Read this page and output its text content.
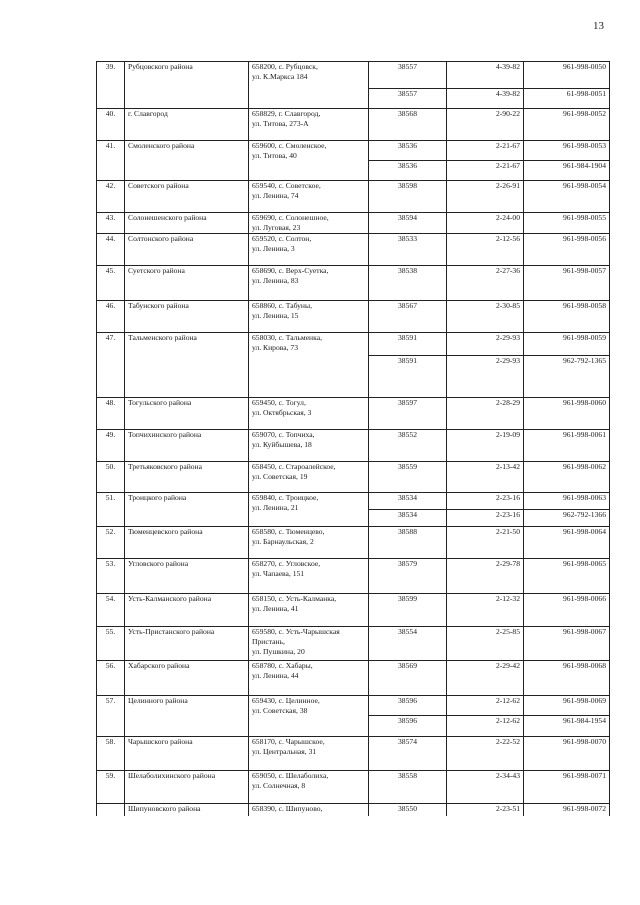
13
39.	Рубцовского района	658200, с. Рубцовск,
ул. К.Маркса 184	38557	4-39-82	961-998-0050
			38557	4-39-82	61-998-0051
40.	г. Славгород	658829, г. Славгород,
ул. Титова, 273-А	38568	2-90-22	961-998-0052
41.	Смоленского района	659600, с. Смоленское,
ул. Титова, 40	38536	2-21-67	961-998-0053
			38536	2-21-67	961-984-1904
42.	Советского района	659540, с. Советское,
ул. Ленина, 74	38598	2-26-91	961-998-0054
43.	Солонешенского района	659690, с. Солонешное,
ул. Луговая, 23	38594	2-24-00	961-998-0055
44.	Солтонского района	659520, с. Солтон,
ул. Ленина, 3	38533	2-12-56	961-998-0056
45.	Суетского района	658690, с. Верх-Суетка,
ул. Ленина, 83	38538	2-27-36	961-998-0057
46.	Табунского района	658860, с. Табуны,
ул. Ленина, 15	38567	2-30-85	961-998-0058
47.	Тальменского района	658030, с. Тальменка,
ул. Кирова, 73	38591	2-29-93	961-998-0059
			38591	2-29-93	962-792-1365
48.	Тогульского района	659450, с. Тогул,
ул. Октябрьская, 3	38597	2-28-29	961-998-0060
49.	Топчихинского района	659070, с. Топчиха,
ул. Куйбышева, 18	38552	2-19-09	961-998-0061
50.	Третьяковского района	658450, с. Староалейское,
ул. Советская, 19	38559	2-13-42	961-998-0062
51.	Троицкого района	659840, с. Троицкое,
ул. Ленина, 21	38534	2-23-16	961-998-0063
			38534	2-23-16	962-792-1366
52.	Тюменцевского района	658580, с. Тюменцево,
ул. Барнаульская, 2	38588	2-21-50	961-998-0064
53.	Угловского района	658270, с. Угловское,
ул. Чапаева, 151	38579	2-29-78	961-998-0065
54.	Усть-Калманского района	658150, с. Усть-Калманка,
ул. Ленина, 41	38599	2-12-32	961-998-0066
55.	Усть-Пристанского района	659580, с. Усть-Чарышская Пристань,
ул. Пушкина, 20	38554	2-25-85	961-998-0067
56.	Хабарского района	658780, с. Хабары,
ул. Ленина, 44	38569	2-29-42	961-998-0068
57.	Целинного района	659430, с. Целинное,
ул. Советская, 38	38596	2-12-62	961-998-0069
			38596	2-12-62	961-984-1954
58.	Чарышского района	658170, с. Чарышское,
ул. Центральная, 31	38574	2-22-52	961-998-0070
59.	Шелаболихинского района	659050, с. Шелаболиха,
ул. Солнечная, 8	38558	2-34-43	961-998-0071
	Шипуновского района	658390, с. Шипуново,	38550	2-23-51	961-998-0072
